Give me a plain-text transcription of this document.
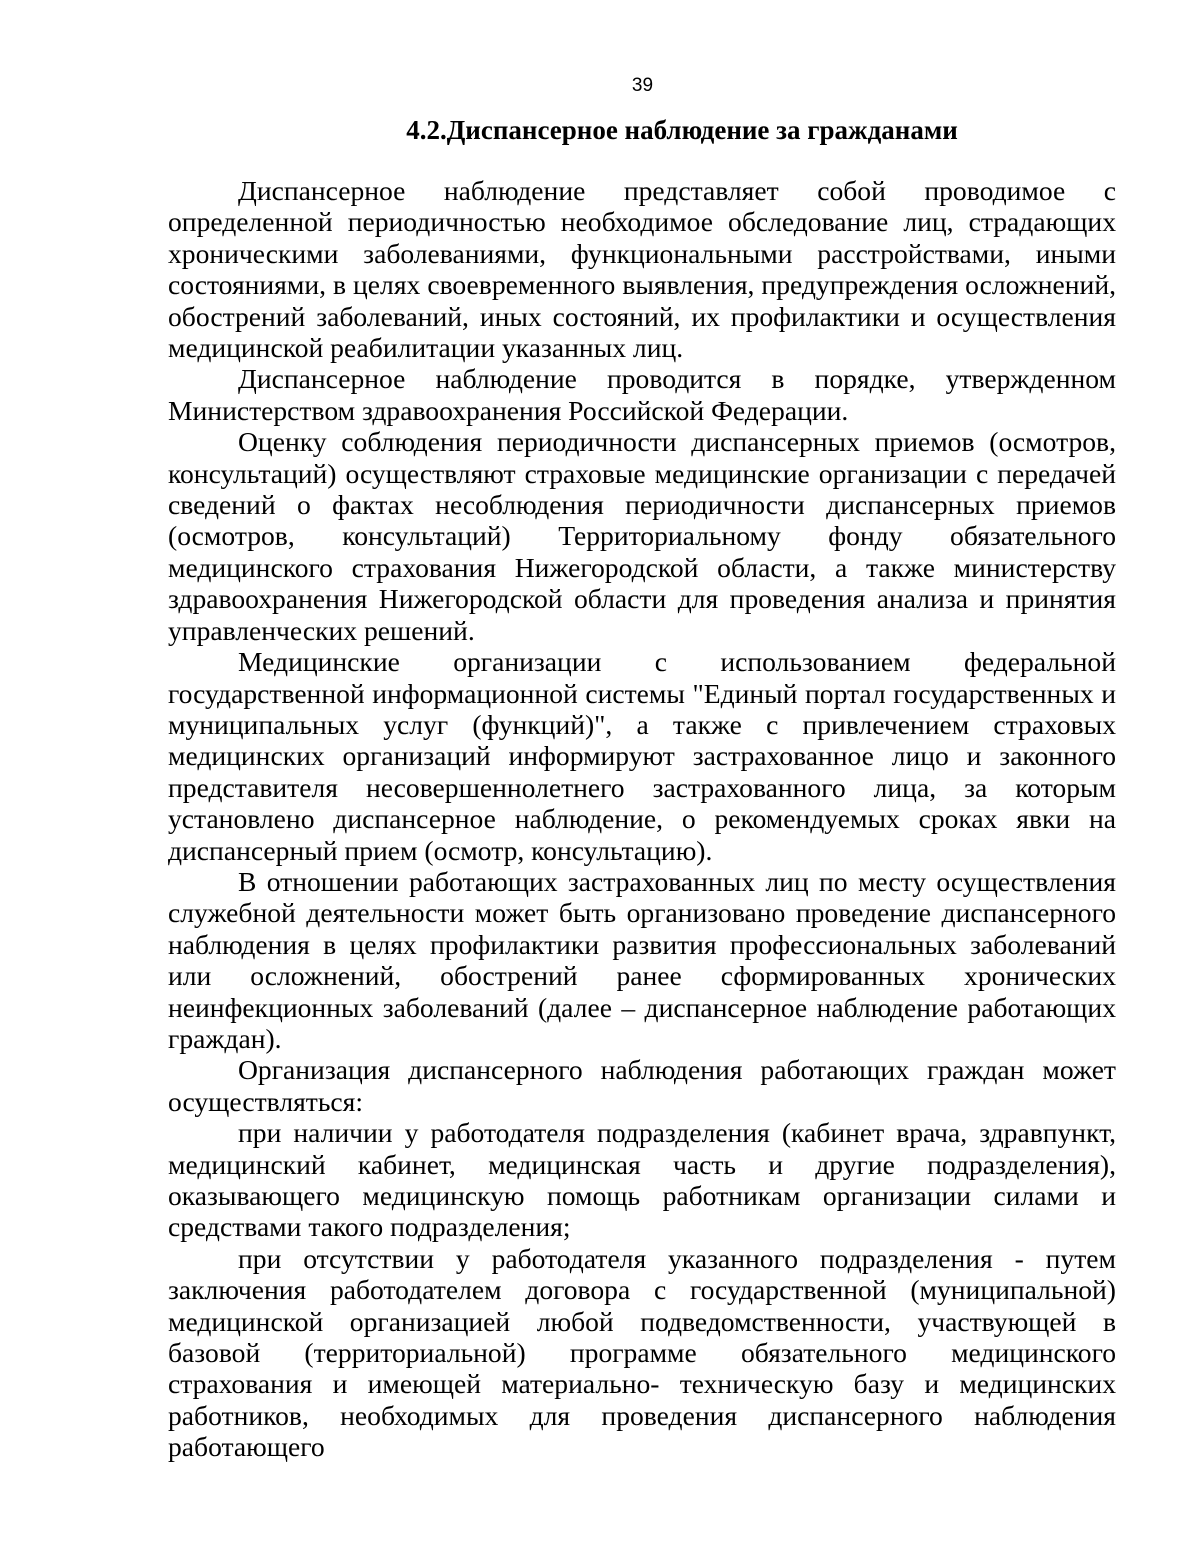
39
4.2.Диспансерное наблюдение за гражданами

Диспансерное наблюдение представляет собой проводимое с определенной периодичностью необходимое обследование лиц, страдающих хроническими заболеваниями, функциональными расстройствами, иными состояниями, в целях своевременного выявления, предупреждения осложнений, обострений заболеваний, иных состояний, их профилактики и осуществления медицинской реабилитации указанных лиц.

Диспансерное наблюдение проводится в порядке, утвержденном Министерством здравоохранения Российской Федерации.

Оценку соблюдения периодичности диспансерных приемов (осмотров, консультаций) осуществляют страховые медицинские организации с передачей сведений о фактах несоблюдения периодичности диспансерных приемов (осмотров, консультаций) Территориальному фонду обязательного медицинского страхования Нижегородской области, а также министерству здравоохранения Нижегородской области для проведения анализа и принятия управленческих решений.

Медицинские организации с использованием федеральной государственной информационной системы "Единый портал государственных и муниципальных услуг (функций)", а также с привлечением страховых медицинских организаций информируют застрахованное лицо и законного представителя несовершеннолетнего застрахованного лица, за которым установлено диспансерное наблюдение, о рекомендуемых сроках явки на диспансерный прием (осмотр, консультацию).

В отношении работающих застрахованных лиц по месту осуществления служебной деятельности может быть организовано проведение диспансерного наблюдения в целях профилактики развития профессиональных заболеваний или осложнений, обострений ранее сформированных хронических неинфекционных заболеваний (далее – диспансерное наблюдение работающих граждан).

Организация диспансерного наблюдения работающих граждан может осуществляться:

при наличии у работодателя подразделения (кабинет врача, здравпункт, медицинский кабинет, медицинская часть и другие подразделения), оказывающего медицинскую помощь работникам организации силами и средствами такого подразделения;

при отсутствии у работодателя указанного подразделения - путем заключения работодателем договора с государственной (муниципальной) медицинской организацией любой подведомственности, участвующей в базовой (территориальной) программе обязательного медицинского страхования и имеющей материально- техническую базу и медицинских работников, необходимых для проведения диспансерного наблюдения работающего
